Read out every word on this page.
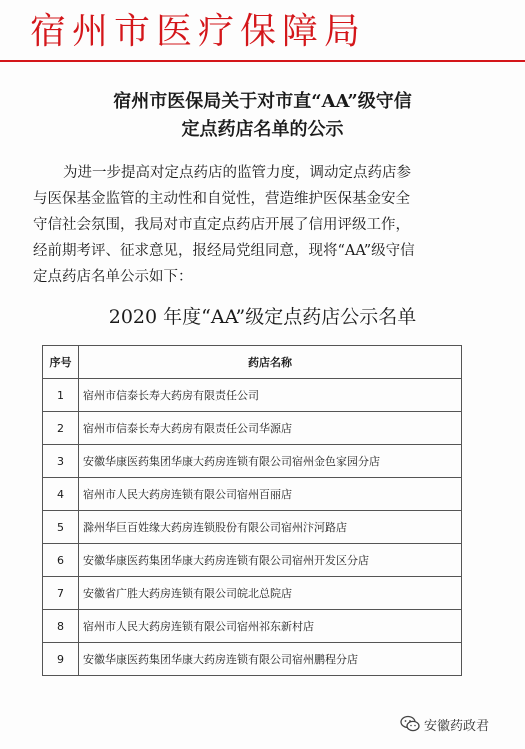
宿州市医疗保障局
宿州市医保局关于对市直“AA”级守信
定点药店名单的公示
为进一步提高对定点药店的监管力度，调动定点药店参
与医保基金监管的主动性和自觉性，营造维护医保基金安全
守信社会氛围，我局对市直定点药店开展了信用评级工作，
经前期考评、征求意见，报经局党组同意，现将“AA”级守信
定点药店名单公示如下：
2020 年度“AA”级定点药店公示名单
序号	药店名称
1	宿州市信泰长寿大药房有限责任公司
2	宿州市信泰长寿大药房有限责任公司华源店
3	安徽华康医药集团华康大药房连锁有限公司宿州金色家园分店
4	宿州市人民大药房连锁有限公司宿州百丽店
5	滁州华巨百姓缘大药房连锁股份有限公司宿州汴河路店
6	安徽华康医药集团华康大药房连锁有限公司宿州开发区分店
7	安徽省广胜大药房连锁有限公司皖北总院店
8	宿州市人民大药房连锁有限公司宿州祁东新村店
9	安徽华康医药集团华康大药房连锁有限公司宿州鹏程分店
安徽药政君
